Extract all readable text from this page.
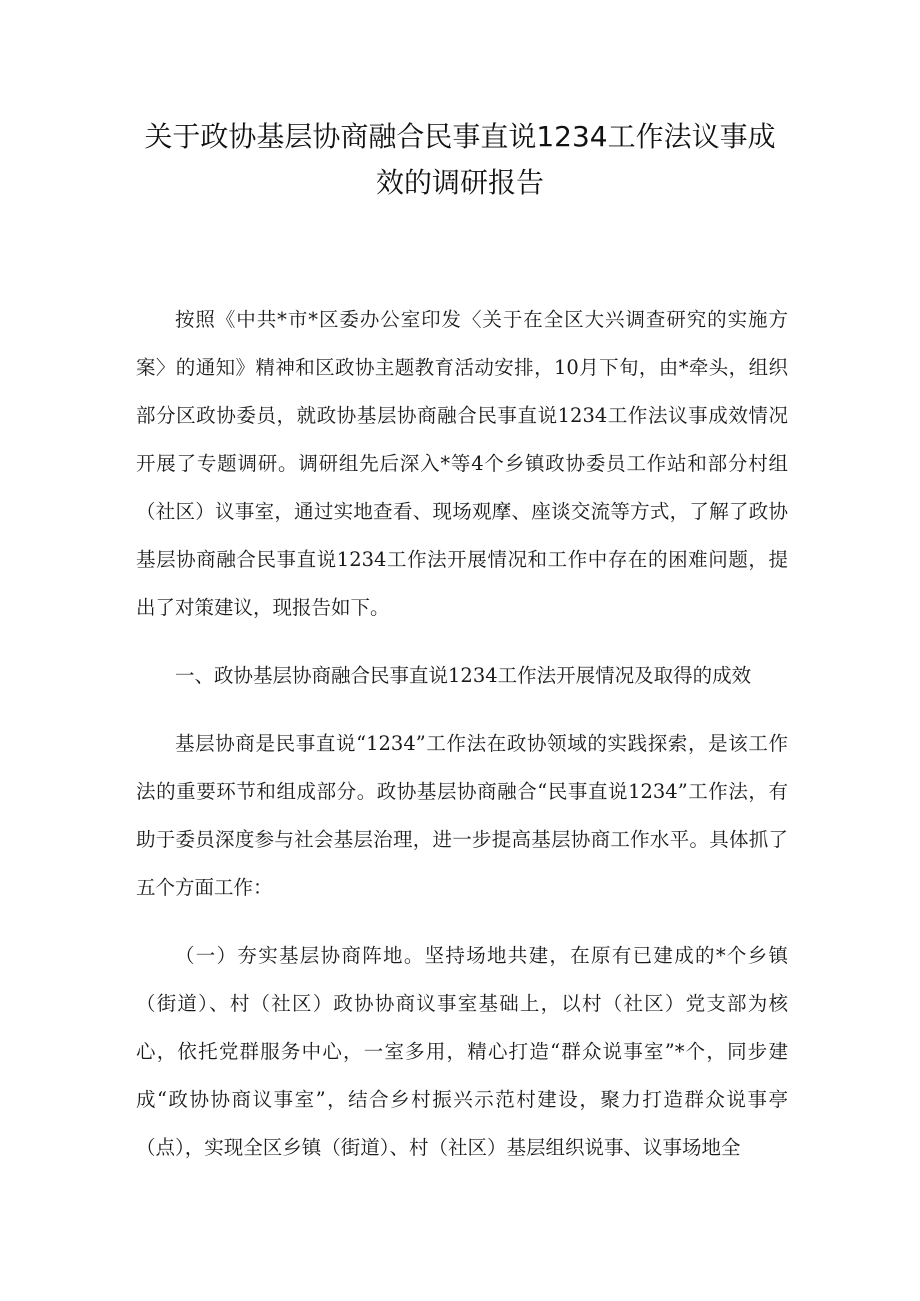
关于政协基层协商融合民事直说1234工作法议事成
效的调研报告

按照《中共*市*区委办公室印发〈关于在全区大兴调查研究的实施方案〉的通知》精神和区政协主题教育活动安排，10月下旬，由*牵头，组织部分区政协委员，就政协基层协商融合民事直说1234工作法议事成效情况开展了专题调研。调研组先后深入*等4个乡镇政协委员工作站和部分村组（社区）议事室，通过实地查看、现场观摩、座谈交流等方式，了解了政协基层协商融合民事直说1234工作法开展情况和工作中存在的困难问题，提出了对策建议，现报告如下。

一、政协基层协商融合民事直说1234工作法开展情况及取得的成效

基层协商是民事直说“1234”工作法在政协领域的实践探索，是该工作法的重要环节和组成部分。政协基层协商融合“民事直说1234”工作法，有助于委员深度参与社会基层治理，进一步提高基层协商工作水平。具体抓了五个方面工作：

（一）夯实基层协商阵地。坚持场地共建，在原有已建成的*个乡镇（街道）、村（社区）政协协商议事室基础上，以村（社区）党支部为核心，依托党群服务中心，一室多用，精心打造“群众说事室”*个，同步建成“政协协商议事室”，结合乡村振兴示范村建设，聚力打造群众说事亭（点），实现全区乡镇（街道）、村（社区）基层组织说事、议事场地全
